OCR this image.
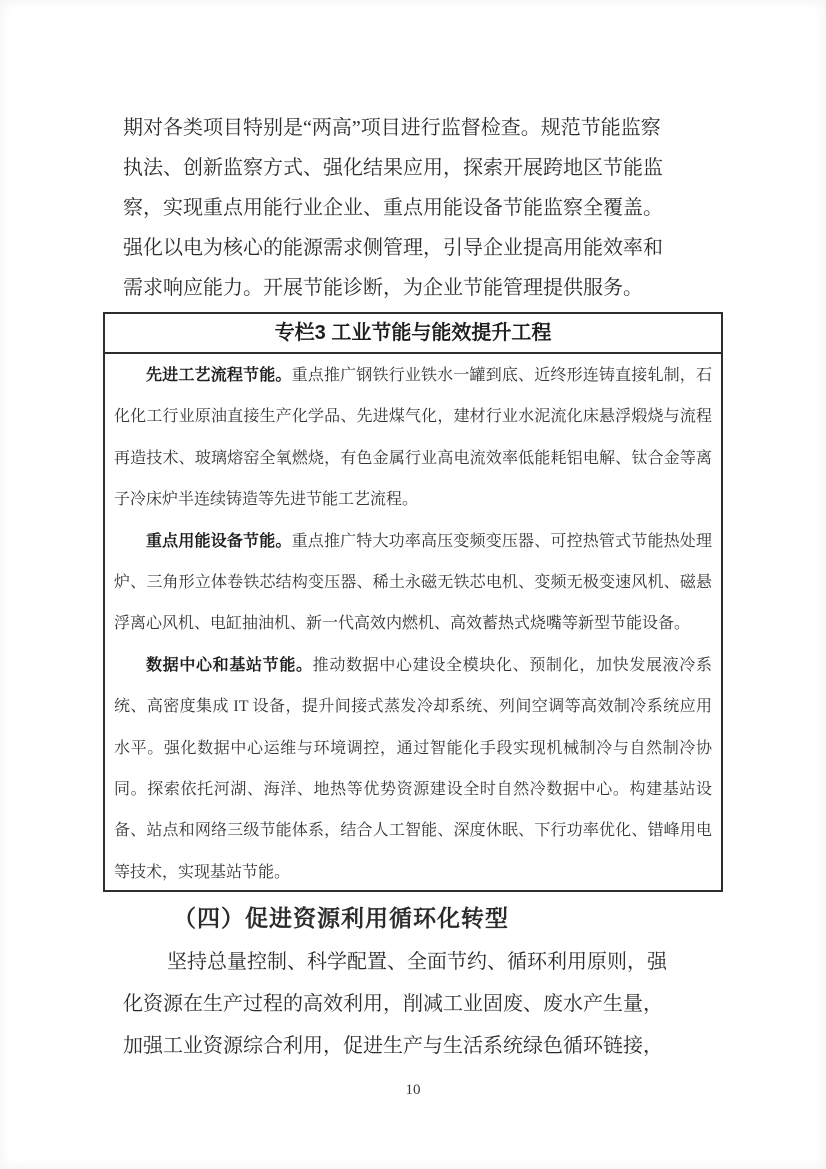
期对各类项目特别是“两高”项目进行监督检查。规范节能监察
执法、创新监察方式、强化结果应用，探索开展跨地区节能监
察，实现重点用能行业企业、重点用能设备节能监察全覆盖。
强化以电为核心的能源需求侧管理，引导企业提高用能效率和
需求响应能力。开展节能诊断，为企业节能管理提供服务。
专栏3 工业节能与能效提升工程

先进工艺流程节能。重点推广钢铁行业铁水一罐到底、近终形连铸直接轧制，石化化工行业原油直接生产化学品、先进煤气化，建材行业水泥流化床悬浮煅烧与流程再造技术、玻璃熔窑全氧燃烧，有色金属行业高电流效率低能耗铝电解、钛合金等离子冷床炉半连续铸造等先进节能工艺流程。

重点用能设备节能。重点推广特大功率高压变频变压器、可控热管式节能热处理炉、三角形立体卷铁芯结构变压器、稀土永磁无铁芯电机、变频无极变速风机、磁悬浮离心风机、电缸抽油机、新一代高效内燃机、高效蓄热式烧嘴等新型节能设备。

数据中心和基站节能。推动数据中心建设全模块化、预制化，加快发展液冷系统、高密度集成 IT 设备，提升间接式蒸发冷却系统、列间空调等高效制冷系统应用水平。强化数据中心运维与环境调控，通过智能化手段实现机械制冷与自然制冷协同。探索依托河湖、海洋、地热等优势资源建设全时自然冷数据中心。构建基站设备、站点和网络三级节能体系，结合人工智能、深度休眠、下行功率优化、错峰用电等技术，实现基站节能。

（四）促进资源利用循环化转型
坚持总量控制、科学配置、全面节约、循环利用原则，强
化资源在生产过程的高效利用，削减工业固废、废水产生量，
加强工业资源综合利用，促进生产与生活系统绿色循环链接，
10
